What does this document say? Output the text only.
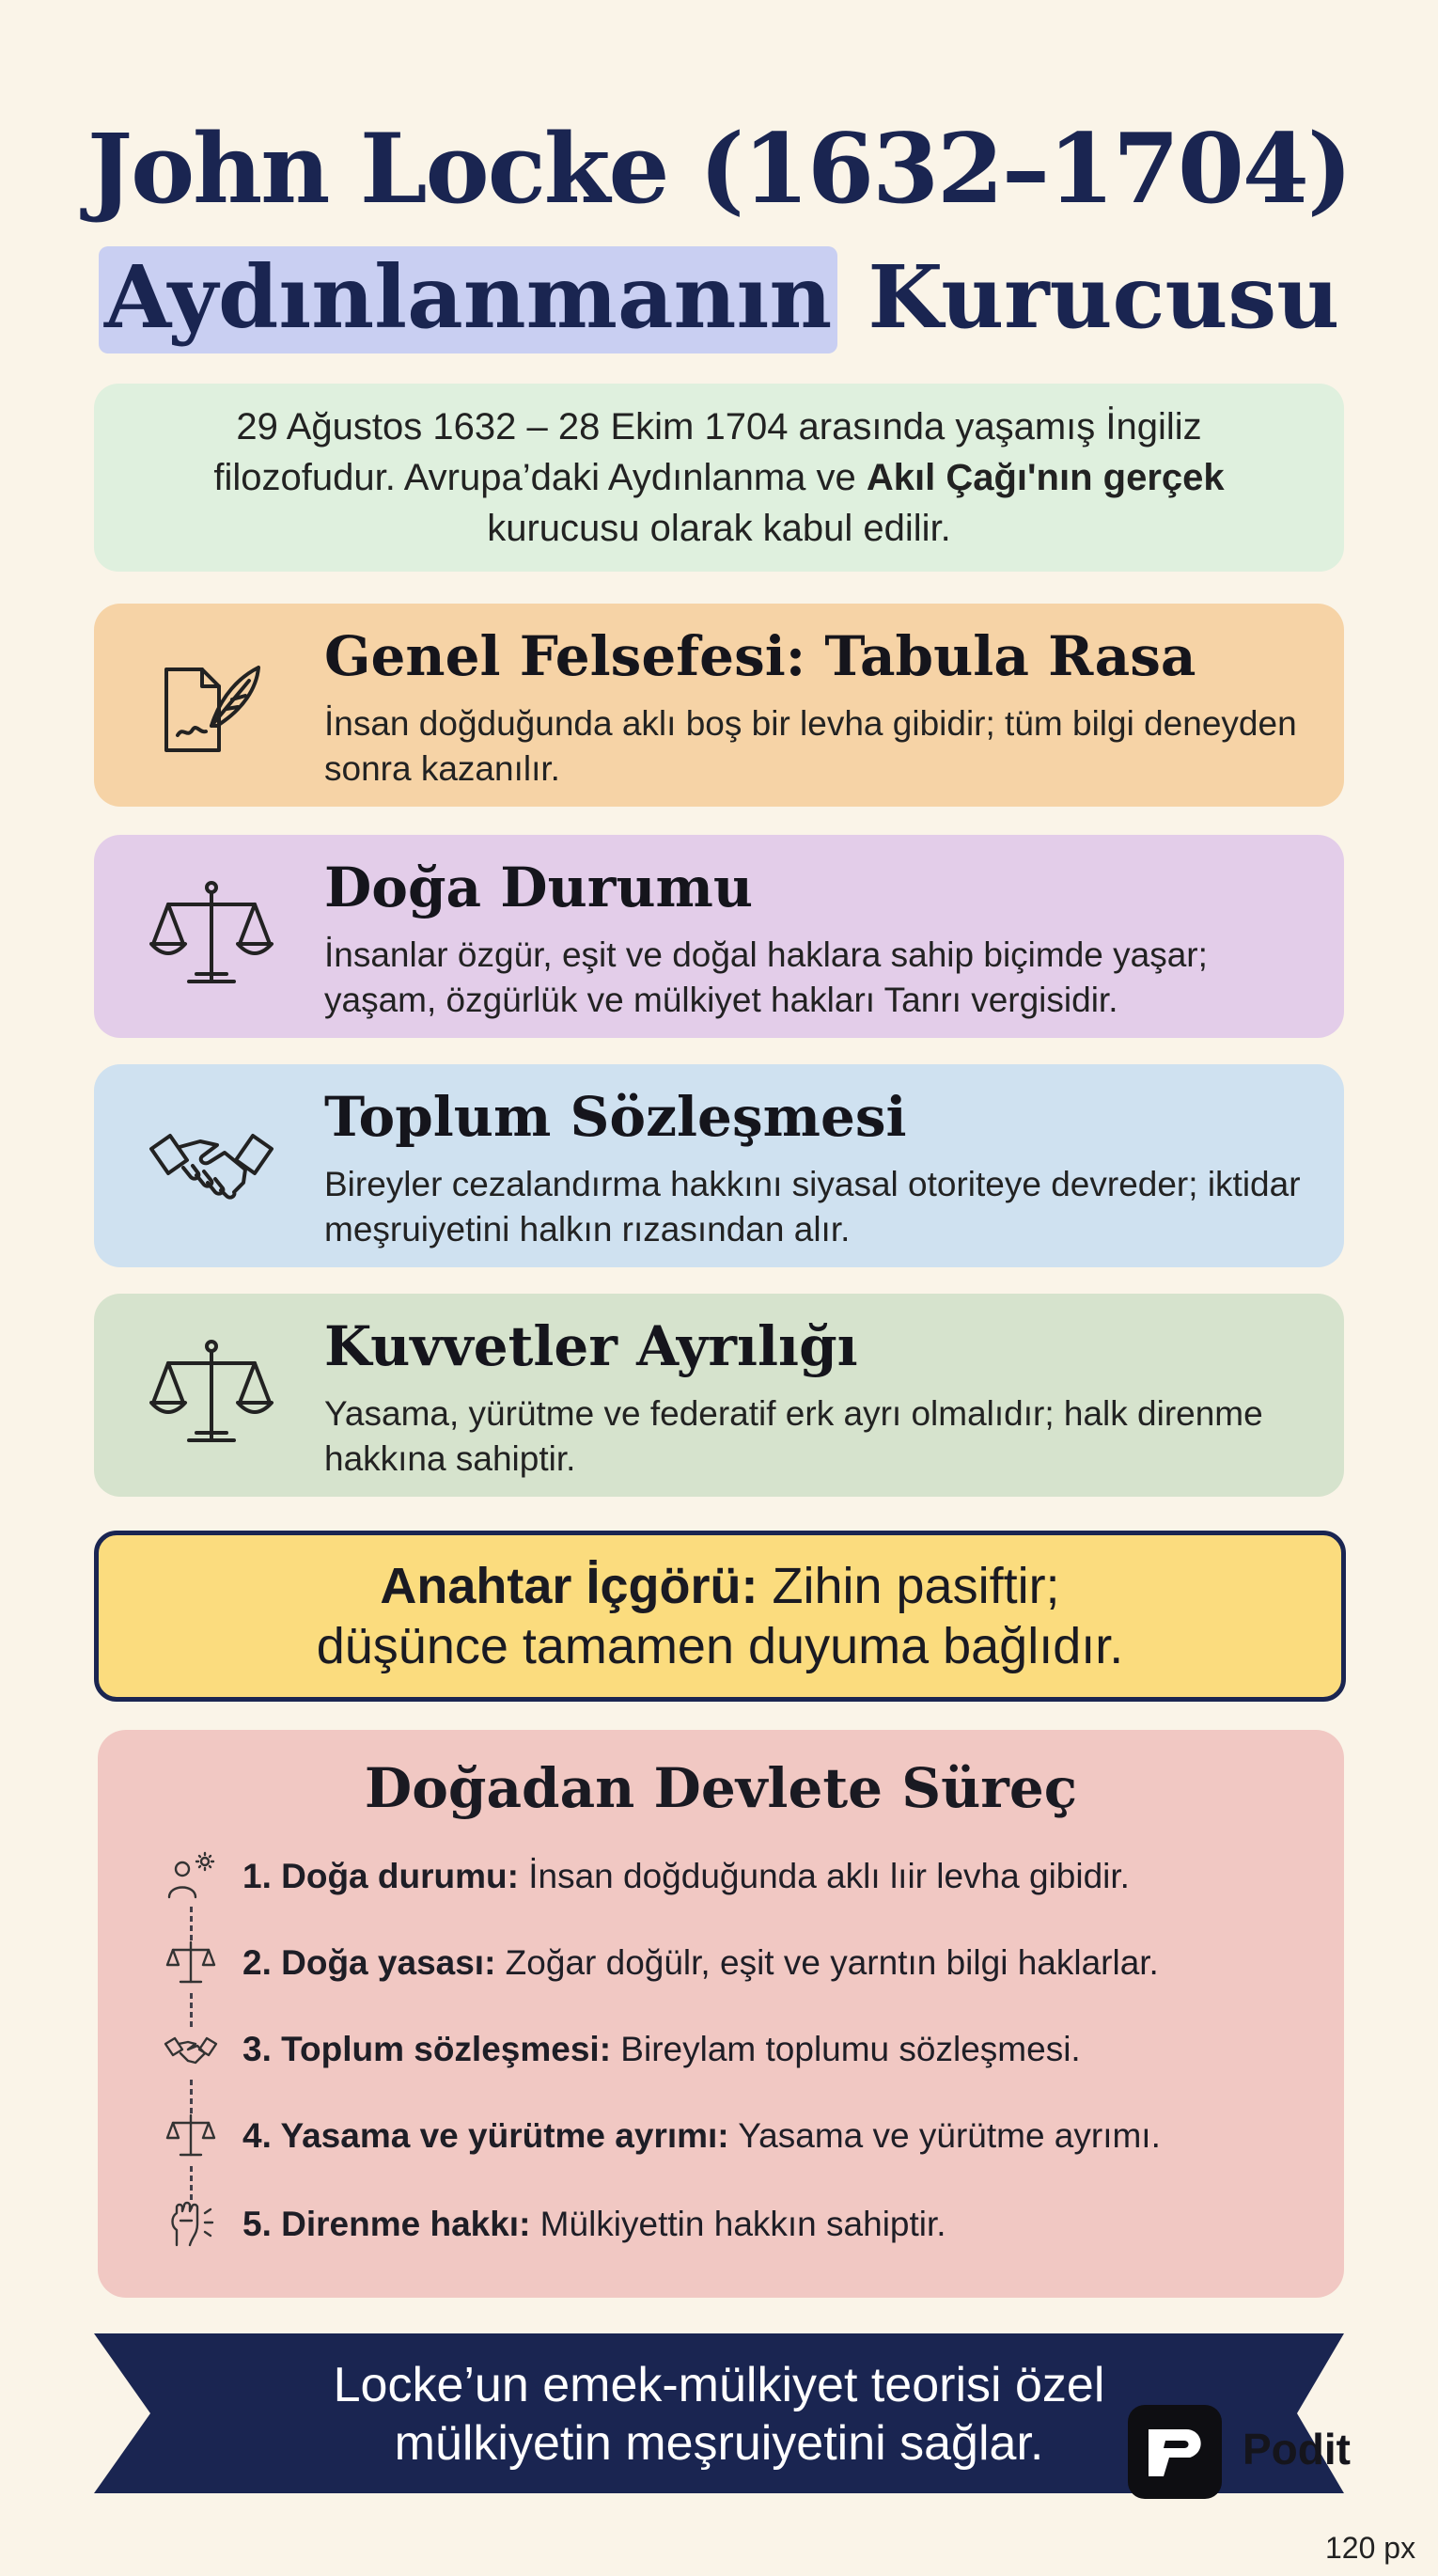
John Locke (1632–1704)
Aydınlanmanın Kurucusu

29 Ağustos 1632 – 28 Ekim 1704 arasında yaşamış İngiliz filozofudur. Avrupa’daki Aydınlanma ve Akıl Çağı'nın gerçek kurucusu olarak kabul edilir.

Genel Felsefesi: Tabula Rasa

İnsan doğduğunda aklı boş bir levha gibidir; tüm bilgi deneyden sonra kazanılır.

Doğa Durumu

İnsanlar özgür, eşit ve doğal haklara sahip biçimde yaşar; yaşam, özgürlük ve mülkiyet hakları Tanrı vergisidir.

Toplum Sözleşmesi

Bireyler cezalandırma hakkını siyasal otoriteye devreder; iktidar meşruiyetini halkın rızasından alır.

Kuvvetler Ayrılığı

Yasama, yürütme ve federatif erk ayrı olmalıdır; halk direnme hakkına sahiptir.

Anahtar İçgörü: Zihin pasiftir;
düşünce tamamen duyuma bağlıdır.

Doğadan Devlete Süreç
1. Doğa durumu: İnsan doğduğunda aklı lıir levha gibidir.
2. Doğa yasası: Zoğar doğülr, eşit ve yarntın bilgi haklarlar.
3. Toplum sözleşmesi: Bireylam toplumu sözleşmesi.
4. Yasama ve yürütme ayrımı: Yasama ve yürütme ayrımı.
5. Direnme hakkı: Mülkiyettin hakkın sahiptir.

Locke’un emek-mülkiyet teorisi özel
mülkiyetin meşruiyetini sağlar.	Podit
120 px
